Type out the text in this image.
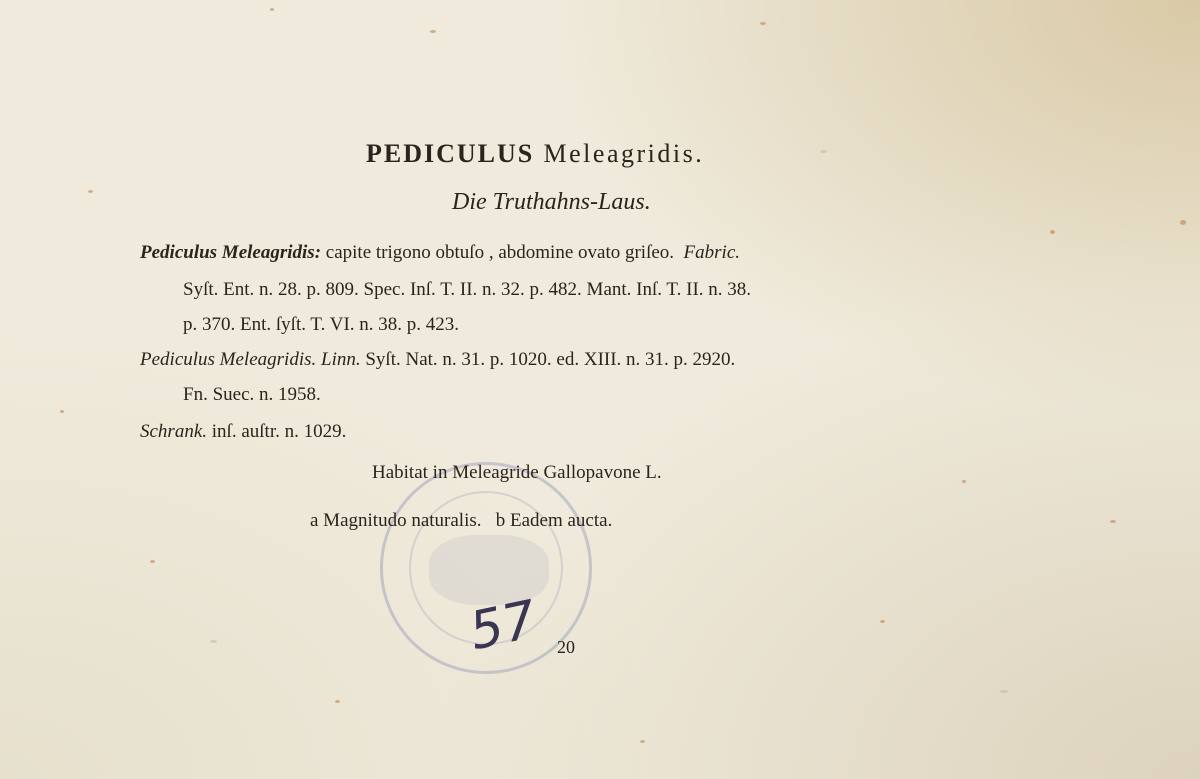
PEDICULUS Meleagridis.
Die Truthahns-Laus.
Pediculus Meleagridis: capite trigono obtuſo , abdomine ovato griſeo. Fabric.
Syſt. Ent. n. 28. p. 809. Spec. Inſ. T. II. n. 32. p. 482. Mant. Inſ. T. II. n. 38.
p. 370. Ent. ſyſt. T. VI. n. 38. p. 423.
Pediculus Meleagridis. Linn. Syſt. Nat. n. 31. p. 1020. ed. XIII. n. 31. p. 2920.
Fn. Suec. n. 1958.
Schrank. inſ. auſtr. n. 1029.
Habitat in Meleagride Gallopavone L.
a Magnitudo naturalis.   b Eadem aucta.
57 20
